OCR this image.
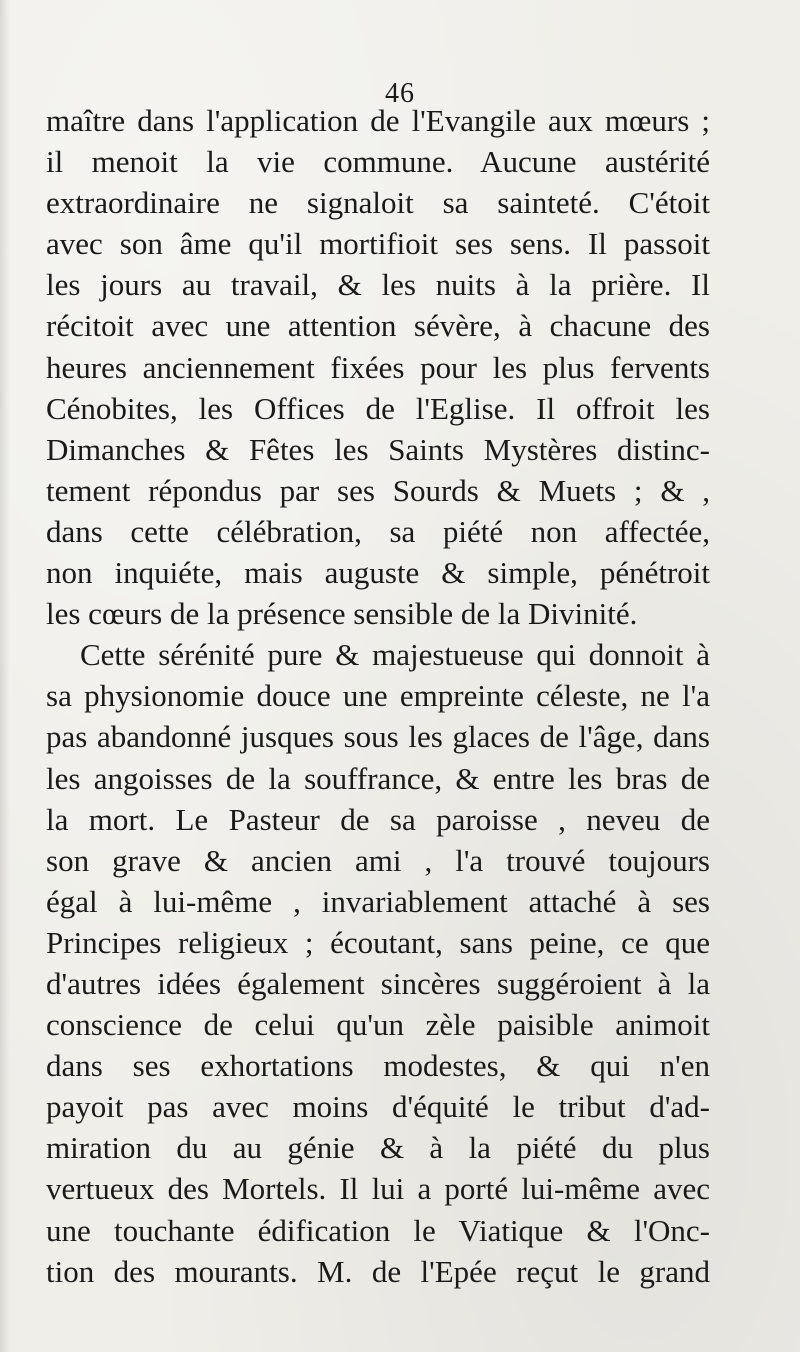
46
maître dans l'application de l'Evangile aux mœurs ;
il menoit la vie commune. Aucune austérité
extraordinaire ne signaloit sa sainteté. C'étoit
avec son âme qu'il mortifioit ses sens. Il passoit
les jours au travail, & les nuits à la prière. Il
récitoit avec une attention sévère, à chacune des
heures anciennement fixées pour les plus fervents
Cénobites, les Offices de l'Eglise. Il offroit les
Dimanches & Fêtes les Saints Mystères distinc-
tement répondus par ses Sourds & Muets ; & ,
dans cette célébration, sa piété non affectée,
non inquiéte, mais auguste & simple, pénétroit
les cœurs de la présence sensible de la Divinité.
Cette sérénité pure & majestueuse qui donnoit à
sa physionomie douce une empreinte céleste, ne l'a
pas abandonné jusques sous les glaces de l'âge, dans
les angoisses de la souffrance, & entre les bras de
la mort. Le Pasteur de sa paroisse , neveu de
son grave & ancien ami , l'a trouvé toujours
égal à lui-même , invariablement attaché à ses
Principes religieux ; écoutant, sans peine, ce que
d'autres idées également sincères suggéroient à la
conscience de celui qu'un zèle paisible animoit
dans ses exhortations modestes, & qui n'en
payoit pas avec moins d'équité le tribut d'ad-
miration du au génie & à la piété du plus
vertueux des Mortels. Il lui a porté lui-même avec
une touchante édification le Viatique & l'Onc-
tion des mourants. M. de l'Epée reçut le grand
